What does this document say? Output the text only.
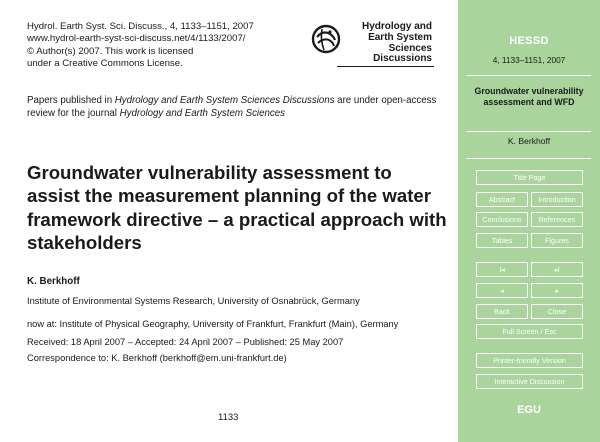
Hydrol. Earth Syst. Sci. Discuss., 4, 1133–1151, 2007
www.hydrol-earth-syst-sci-discuss.net/4/1133/2007/
© Author(s) 2007. This work is licensed
under a Creative Commons License.
Hydrology and
Earth System
Sciences
Discussions
Papers published in Hydrology and Earth System Sciences Discussions are under open-access review for the journal Hydrology and Earth System Sciences
Groundwater vulnerability assessment to assist the measurement planning of the water framework directive – a practical approach with stakeholders
K. Berkhoff
Institute of Environmental Systems Research, University of Osnabrück, Germany
now at: Institute of Physical Geography, University of Frankfurt, Frankfurt (Main), Germany
Received: 18 April 2007 – Accepted: 24 April 2007 – Published: 25 May 2007
Correspondence to: K. Berkhoff (berkhoff@em.uni-frankfurt.de)
1133
HESSD
4, 1133–1151, 2007
Groundwater vulnerability assessment and WFD
K. Berkhoff
Title Page
Abstract	Introduction
Conclusions	References
Tables	Figures
I◂	▸I
◂	▸
Back	Close
Full Screen / Esc
Printer-friendly Version
Interactive Discussion
EGU
